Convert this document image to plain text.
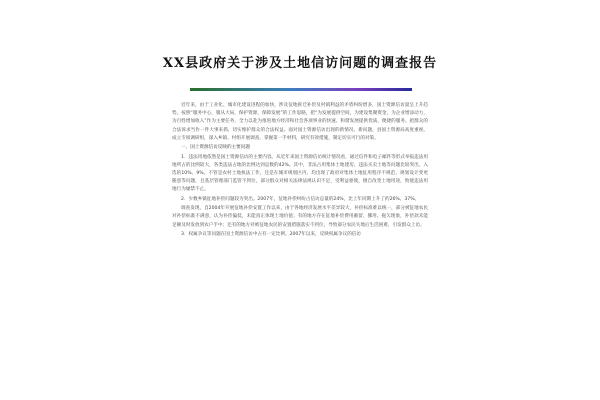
XX县政府关于涉及土地信访问题的调查报告

近年来，由于工业化、城市化建设进程的加快，涉及征地拆迁补偿及村镇利益的矛盾纠纷增多，国土资源信访量呈上升趋势。按照“服务中心，服从大局，保护资源，保障发展”的工作思路，把“为发展提供空间，为建设集聚资金，为企业增添动力，为百姓增加收入”作为主要任务，全力以赴为推进地方经济和社会各项事业的快速、和谐发展提供优质、便捷的服务。把群众的合法诉求当作一件大事来抓，切实维护群众的合法权益。面对国土资源信访出现的新情况、新问题，县国土资源局高度重视，成立专项调研组，深入乡镇、村组开展调查，掌握第一手材料，研究有效措施，制定切实可行的对策。

一、国土资源信访反映的主要问题

1．违法用地依然是国土资源信访的主要内容。从近年来国土资源信访统计情况看，通过信件和电子邮件等形式举报违法用地所占的比例较大，各类违法占地的比例达到总数的42%。其中，非法占用集体土地建房、违法买卖土地等问题比较突出，入选的10%、9%。不管是农村土地执法工作，还是在城市规划区内，均出现了政府对集体土地征用程序不规范、规划设计变更随意等问题，且基层管理部门监管不到位，部分群众对相关法律法规认识不足，受利益驱使，擅自改变土地用途，致使违法用地行为屡禁不止。

2．少数乡镇征地补偿问题较为突出。2007年，征地补偿纠纷占信访总量的24%，比上年同期上升了约26%、37%。

调查发现，自2004年开展征地补偿安置工作以来，由于各地经济发展水平差异较大，补偿标准难以统一，部分被征地农民对补偿标准不满意，认为补偿偏低，未能真正体现土地价值；有的地方存在征地补偿费用截留、挪用、拖欠现象，补偿款未能足额及时发放到农户手中；还有的地方对被征地农民的安置措施落实不到位，导致部分农民失地后生活困难，引发群众上访。

3．权属争议等问题在国土资源信访中占有一定比例。2007年以来，反映权属争议的信访
